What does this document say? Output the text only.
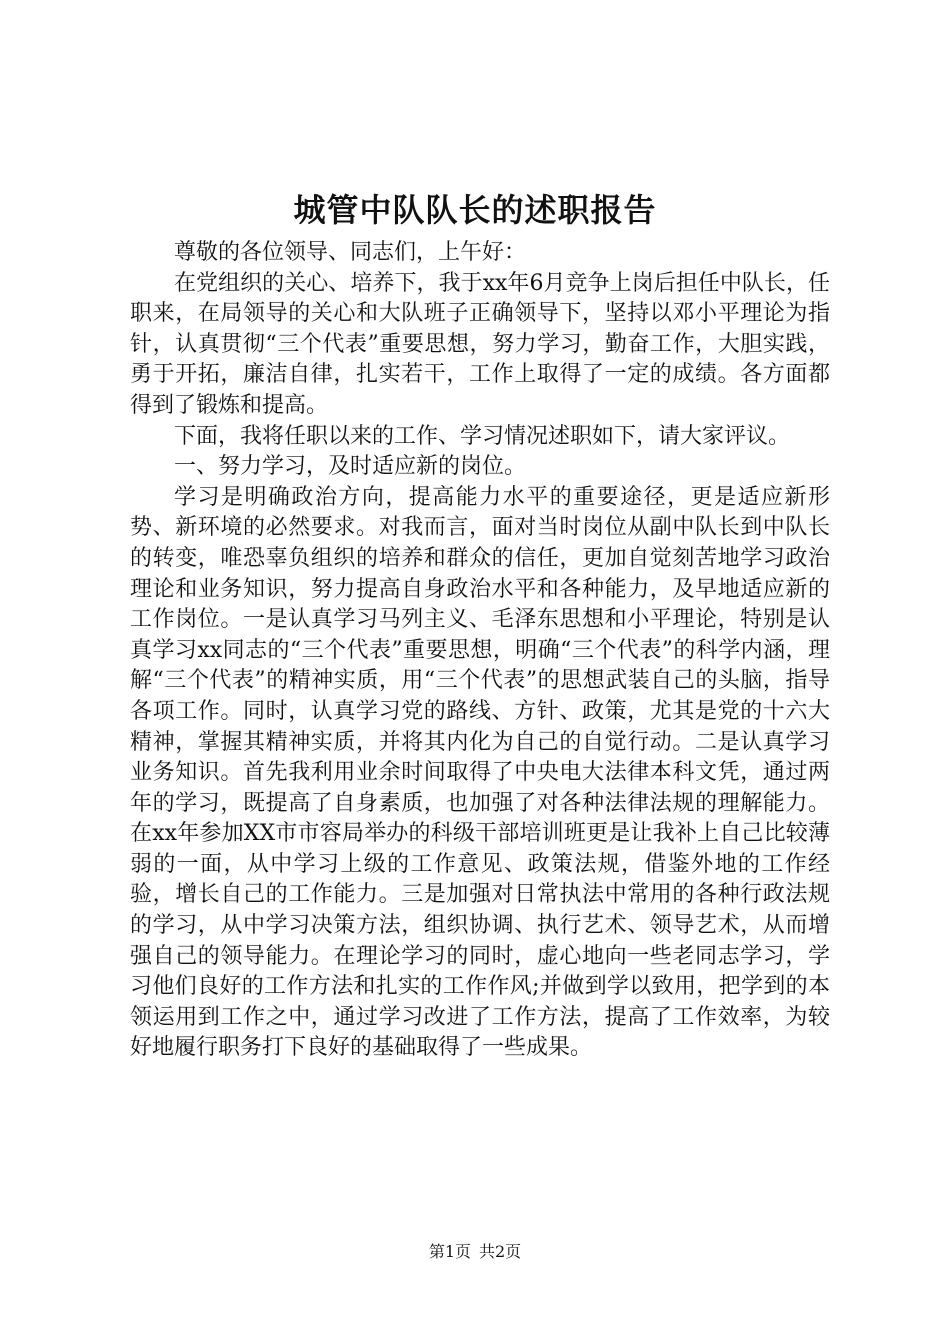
城管中队队长的述职报告

尊敬的各位领导、同志们，上午好：

在党组织的关心、培养下，我于xx年6月竞争上岗后担任中队长，任职来，在局领导的关心和大队班子正确领导下，坚持以邓小平理论为指针，认真贯彻“三个代表”重要思想，努力学习，勤奋工作，大胆实践，勇于开拓，廉洁自律，扎实若干，工作上取得了一定的成绩。各方面都得到了锻炼和提高。

下面，我将任职以来的工作、学习情况述职如下，请大家评议。

一、努力学习，及时适应新的岗位。

学习是明确政治方向，提高能力水平的重要途径，更是适应新形势、新环境的必然要求。对我而言，面对当时岗位从副中队长到中队长的转变，唯恐辜负组织的培养和群众的信任，更加自觉刻苦地学习政治理论和业务知识，努力提高自身政治水平和各种能力，及早地适应新的工作岗位。一是认真学习马列主义、毛泽东思想和小平理论，特别是认真学习xx同志的“三个代表”重要思想，明确“三个代表”的科学内涵，理解“三个代表”的精神实质，用“三个代表”的思想武装自己的头脑，指导各项工作。同时，认真学习党的路线、方针、政策，尤其是党的十六大精神，掌握其精神实质，并将其内化为自己的自觉行动。二是认真学习业务知识。首先我利用业余时间取得了中央电大法律本科文凭，通过两年的学习，既提高了自身素质，也加强了对各种法律法规的理解能力。在xx年参加XX市市容局举办的科级干部培训班更是让我补上自己比较薄弱的一面，从中学习上级的工作意见、政策法规，借鉴外地的工作经验，增长自己的工作能力。三是加强对日常执法中常用的各种行政法规的学习，从中学习决策方法，组织协调、执行艺术、领导艺术，从而增强自己的领导能力。在理论学习的同时，虚心地向一些老同志学习，学习他们良好的工作方法和扎实的工作作风;并做到学以致用，把学到的本领运用到工作之中，通过学习改进了工作方法，提高了工作效率，为较好地履行职务打下良好的基础取得了一些成果。

第1页 共2页
